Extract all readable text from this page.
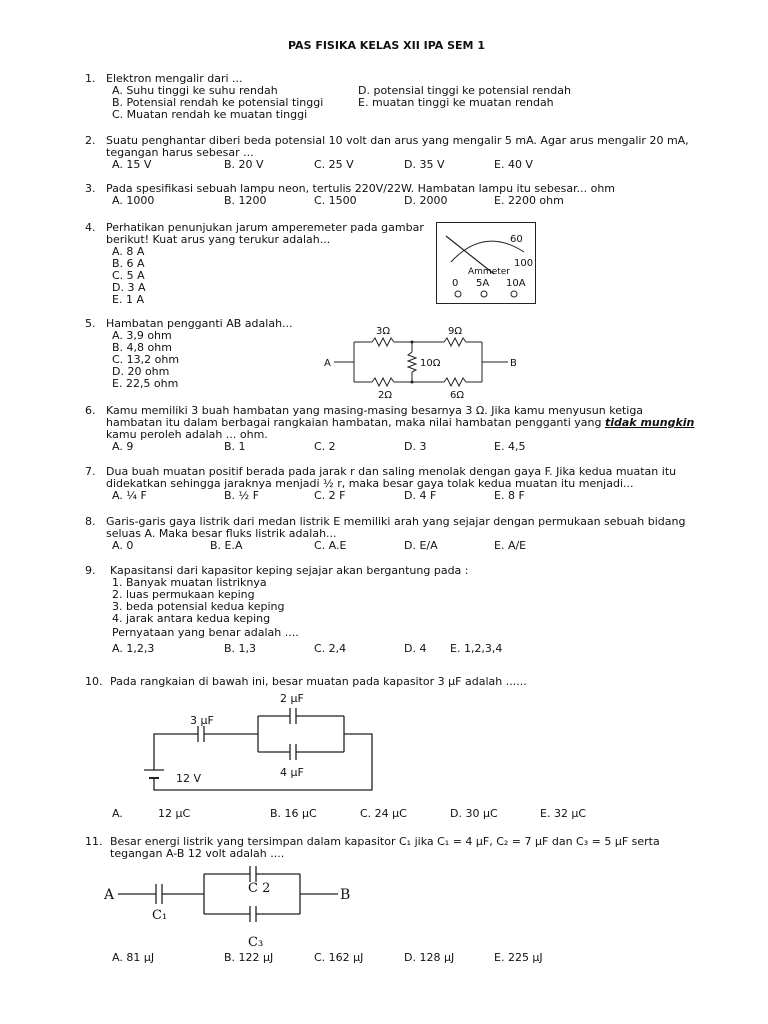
PAS FISIKA KELAS XII IPA SEM 1
1. Elektron mengalir dari ...
A. Suhu tinggi ke suhu rendah
B. Potensial rendah ke potensial tinggi
C. Muatan rendah ke muatan tinggi
D. potensial tinggi ke potensial rendah
E. muatan tinggi ke muatan rendah
2. Suatu penghantar diberi beda potensial 10 volt dan arus yang mengalir 5 mA. Agar arus mengalir 20 mA,
tegangan harus sebesar ...
A. 15 V	B. 20 V	C. 25 V	D. 35 V	E. 40 V
3. Pada spesifikasi sebuah lampu neon, tertulis 220V/22W. Hambatan lampu itu sebesar... ohm
A. 1000	B. 1200	C. 1500	D. 2000	E. 2200 ohm
4. Perhatikan penunjukan jarum amperemeter pada gambar
berikut! Kuat arus yang terukur adalah...
A. 8 A
B. 6 A
C. 5 A
D. 3 A
E. 1 A
60
100
Ammeter
0 5A 10A
5. Hambatan pengganti AB adalah...
A. 3,9 ohm
B. 4,8 ohm
C. 13,2 ohm
D. 20 ohm
E. 22,5 ohm
3Ω	9Ω
10Ω
2Ω	6Ω
A	B
6. Kamu memiliki 3 buah hambatan yang masing-masing besarnya 3 Ω. Jika kamu menyusun ketiga
hambatan itu dalam berbagai rangkaian hambatan, maka nilai hambatan pengganti yang tidak mungkin
kamu peroleh adalah ... ohm.
A. 9	B. 1	C. 2	D. 3	E. 4,5
7. Dua buah muatan positif berada pada jarak r dan saling menolak dengan gaya F. Jika kedua muatan itu
didekatkan sehingga jaraknya menjadi ½ r, maka besar gaya tolak kedua muatan itu menjadi...
A. ¼ F	B. ½ F	C. 2 F	D. 4 F	E. 8 F
8. Garis-garis gaya listrik dari medan listrik E memiliki arah yang sejajar dengan permukaan sebuah bidang
seluas A. Maka besar fluks listrik adalah...
A. 0	B. E.A	C. A.E	D. E/A	E. A/E
9. Kapasitansi dari kapasitor keping sejajar akan bergantung pada :
1. Banyak muatan listriknya
2. luas permukaan keping
3. beda potensial kedua keping
4. jarak antara kedua keping
Pernyataan yang benar adalah ....
A. 1,2,3	B. 1,3	C. 2,4	D. 4 E. 1,2,3,4
10. Pada rangkaian di bawah ini, besar muatan pada kapasitor 3 μF adalah ......
3 μF
2 μF
4 μF
12 V
A.	12 μC	B. 16 μC	C. 24 μC	D. 30 μC	E. 32 μC
11. Besar energi listrik yang tersimpan dalam kapasitor C₁ jika C₁ = 4 μF, C₂ = 7 μF dan C₃ = 5 μF serta
tegangan A-B 12 volt adalah ....
A	B
C₁
C 2
C₃
A. 81 μJ	B. 122 μJ	C. 162 μJ	D. 128 μJ	E. 225 μJ
